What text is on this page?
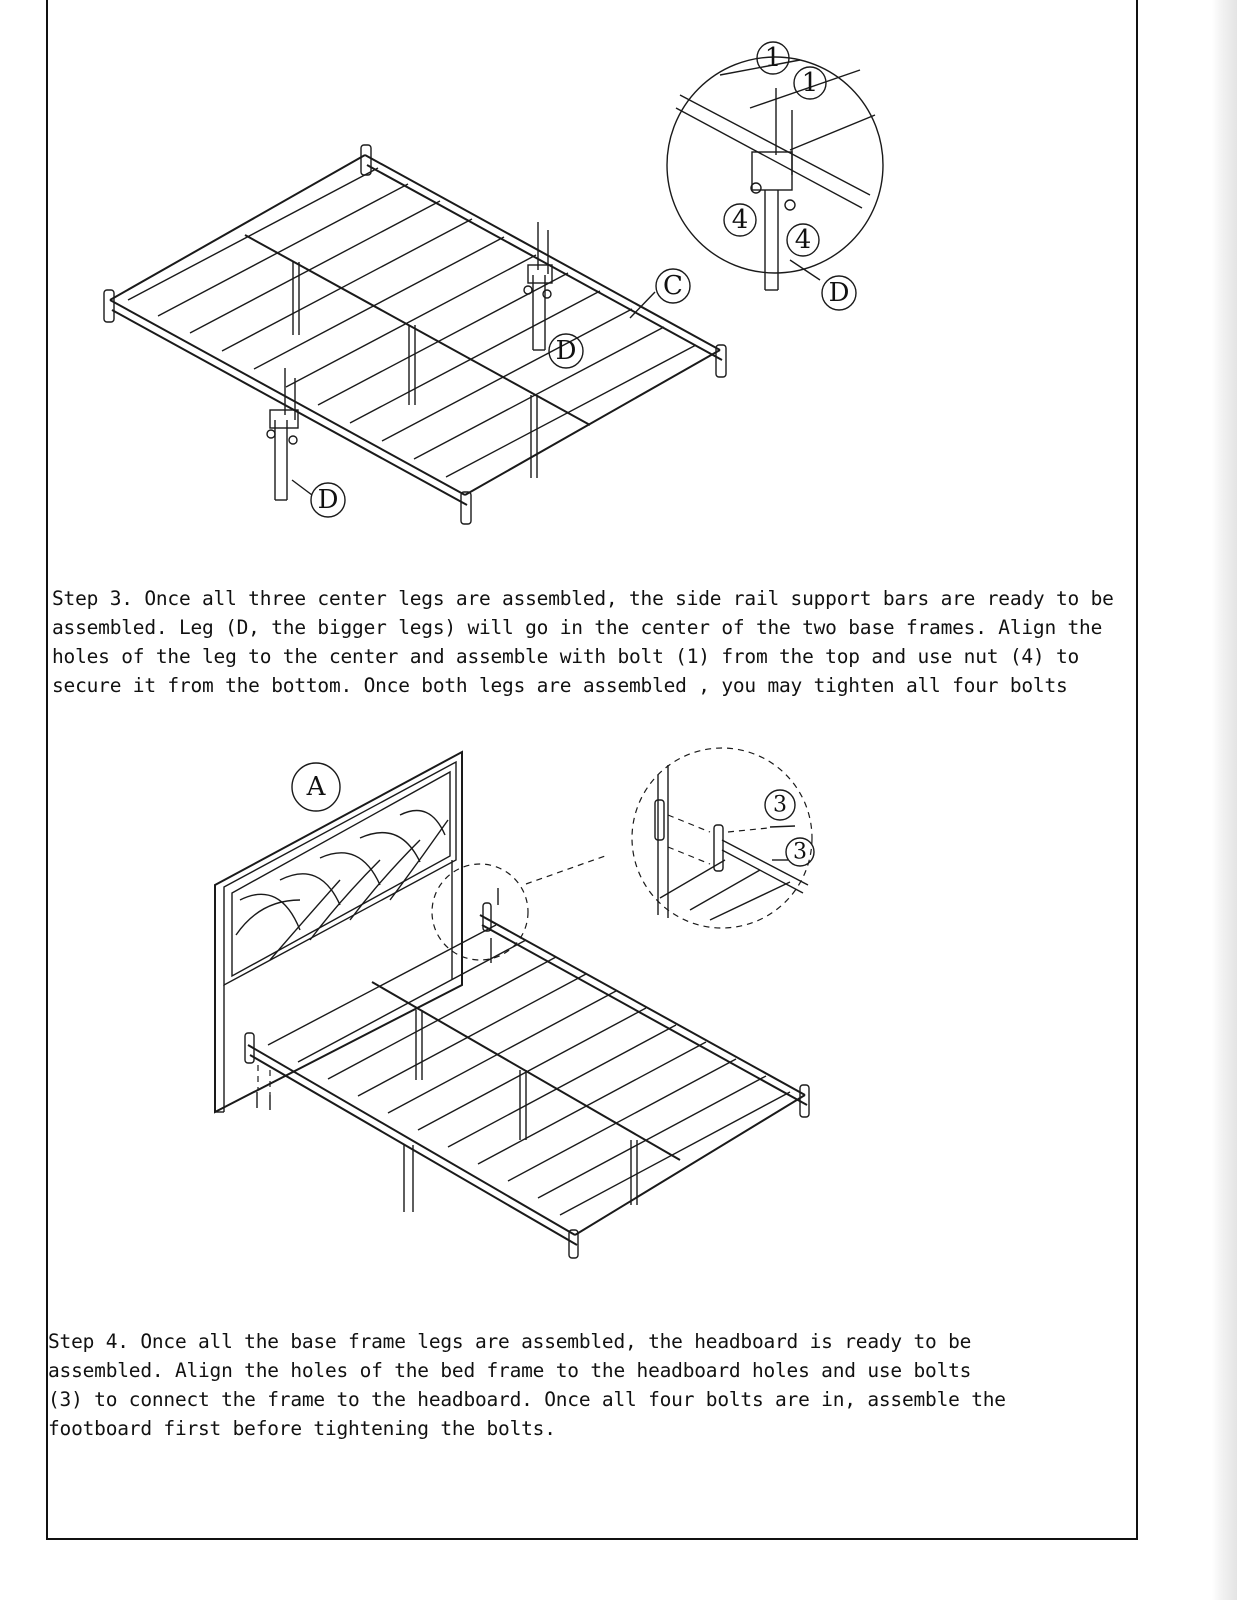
C
D
D
1
1
4
4
D
A
3
3
Step 3. Once all three center legs are assembled, the side rail support bars are ready to be
assembled. Leg (D, the bigger legs) will go in the center of the two base frames. Align the
holes of the leg to the center and assemble with bolt (1) from the top and use nut (4) to
secure it from the bottom. Once both legs are assembled , you may tighten all four bolts
Step 4. Once all the base frame legs are assembled, the headboard is ready to be
assembled. Align the holes of the bed frame to the headboard holes and use bolts
(3) to connect the frame to the headboard. Once all four bolts are in, assemble the
footboard first before tightening the bolts.
